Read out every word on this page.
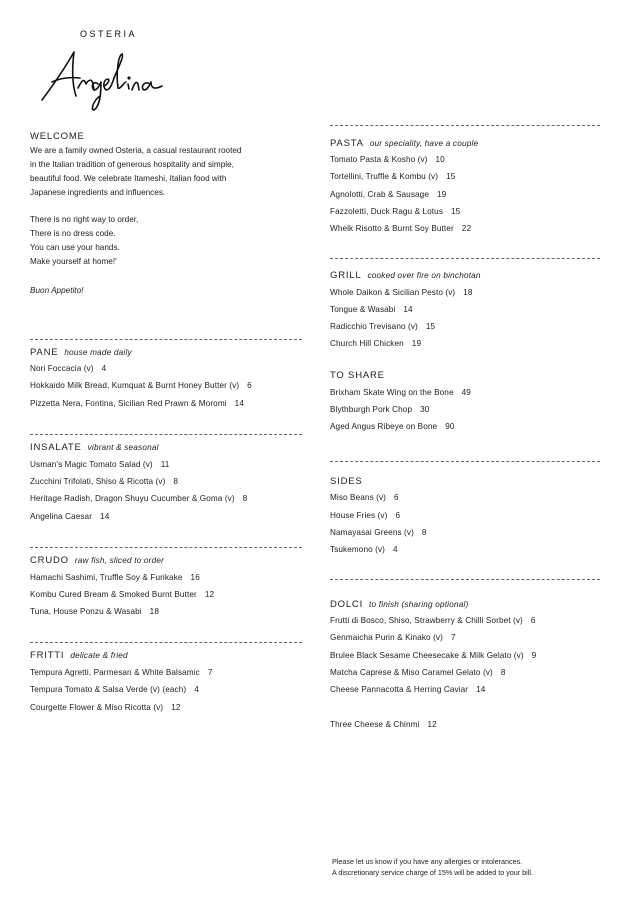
OSTERIA
WELCOME
We are a family owned Osteria, a casual restaurant rooted
in the Italian tradition of generous hospitality and simple,
beautiful food. We celebrate Itameshi, Italian food with
Japanese ingredients and influences.
There is no right way to order,
There is no dress code.
You can use your hands.
Make yourself at home!'
Buon Appetito!
PANE house made daily
Nori Foccacia (v) 4
Hokkaido Milk Bread, Kumquat & Burnt Honey Butter (v) 6
Pizzetta Nera, Fontina, Sicilian Red Prawn & Moromi 14
INSALATE vibrant & seasonal
Usman's Magic Tomato Salad (v) 11
Zucchini Trifolati, Shiso & Ricotta (v) 8
Heritage Radish, Dragon Shuyu Cucumber & Goma (v) 8
Angelina Caesar 14
CRUDO raw fish, sliced to order
Hamachi Sashimi, Truffle Soy & Furikake 16
Kombu Cured Bream & Smoked Burnt Butter 12
Tuna, House Ponzu & Wasabi 18
FRITTI delicate & fried
Tempura Agretti, Parmesan & White Balsamic 7
Tempura Tomato & Salsa Verde (v) (each) 4
Courgette Flower & Miso Ricotta (v) 12
PASTA our speciality, have a couple
Tomato Pasta & Kosho (v) 10
Tortellini, Truffle & Kombu (v) 15
Agnolotti, Crab & Sausage 19
Fazzoletti, Duck Ragu & Lotus 15
Whelk Risotto & Burnt Soy Butter 22
GRILL cooked over fire on binchotan
Whole Daikon & Sicilian Pesto (v) 18
Tongue & Wasabi 14
Radicchio Trevisano (v) 15
Church Hill Chicken 19
TO SHARE
Brixham Skate Wing on the Bone 49
Blythburgh Pork Chop 30
Aged Angus Ribeye on Bone 90
SIDES
Miso Beans (v) 6
House Fries (v) 6
Namayasai Greens (v) 8
Tsukemono (v) 4
DOLCI to finish (sharing optional)
Frutti di Bosco, Shiso, Strawberry & Chilli Sorbet (v) 6
Genmaicha Purin & Kinako (v) 7
Brulee Black Sesame Cheesecake & Milk Gelato (v) 9
Matcha Caprese & Miso Caramel Gelato (v) 8
Cheese Pannacotta & Herring Caviar 14
Three Cheese & Chinmi 12
Please let us know if you have any allergies or intolerances.
A discretionary service charge of 15% will be added to your bill.
